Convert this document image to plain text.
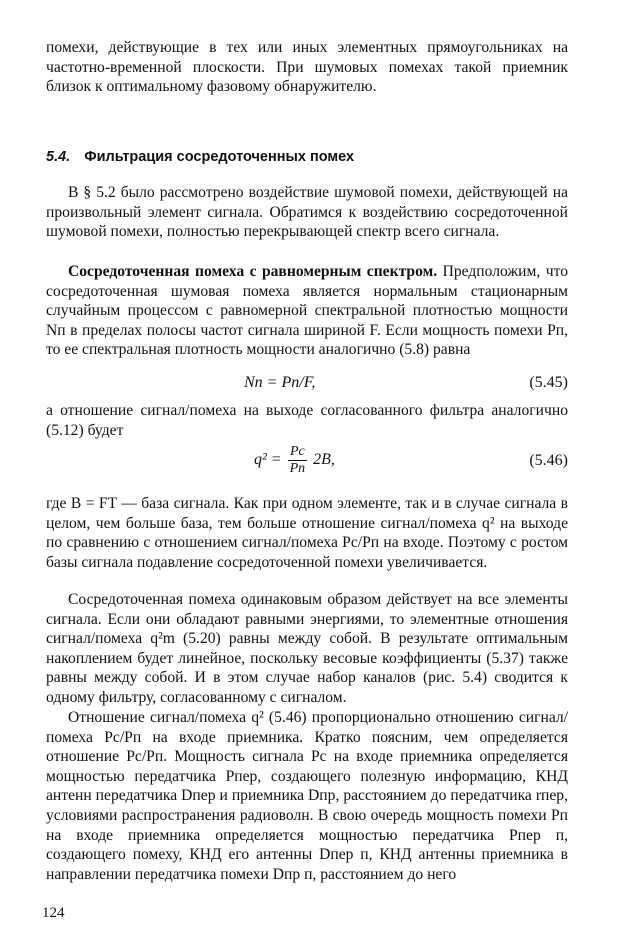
помехи, действующие в тех или иных элементных прямоугольниках на частотно-временной плоскости. При шумовых помехах такой приемник близок к оптимальному фазовому обнаружителю.
5.4. Фильтрация сосредоточенных помех
В § 5.2 было рассмотрено воздействие шумовой помехи, действующей на произвольный элемент сигнала. Обратимся к воздействию сосредоточенной шумовой помехи, полностью перекрывающей спектр всего сигнала.
Сосредоточенная помеха с равномерным спектром. Предположим, что сосредоточенная шумовая помеха является нормальным стационарным случайным процессом с равномерной спектральной плотностью мощности Nп в пределах полосы частот сигнала шириной F. Если мощность помехи Pп, то ее спектральная плотность мощности аналогично (5.8) равна
Nп = Pп/F,	(5.45)
а отношение сигнал/помеха на выходе согласованного фильтра аналогично (5.12) будет
$q^2 = \frac{Pс}{Pп} 2B$,	(5.46)
где B = FT — база сигнала. Как при одном элементе, так и в случае сигнала в целом, чем больше база, тем больше отношение сигнал/помеха q² на выходе по сравнению с отношением сигнал/помеха Pс/Pп на входе. Поэтому с ростом базы сигнала подавление сосредоточенной помехи увеличивается.
Сосредоточенная помеха одинаковым образом действует на все элементы сигнала. Если они обладают равными энергиями, то элементные отношения сигнал/помеха q²m (5.20) равны между собой. В результате оптимальным накоплением будет линейное, поскольку весовые коэффициенты (5.37) также равны между собой. И в этом случае набор каналов (рис. 5.4) сводится к одному фильтру, согласованному с сигналом.
Отношение сигнал/помеха q² (5.46) пропорционально отношению сигнал/помеха Pс/Pп на входе приемника. Кратко поясним, чем определяется отношение Pс/Pп. Мощность сигнала Pс на входе приемника определяется мощностью передатчика Pпер, создающего полезную информацию, КНД антенн передатчика Dпер и приемника Dпр, расстоянием до передатчика rпер, условиями распространения радиоволн. В свою очередь мощность помехи Pп на входе приемника определяется мощностью передатчика Pпер п, создающего помеху, КНД его антенны Dпер п, КНД антенны приемника в направлении передатчика помехи Dпр п, расстоянием до него
124
